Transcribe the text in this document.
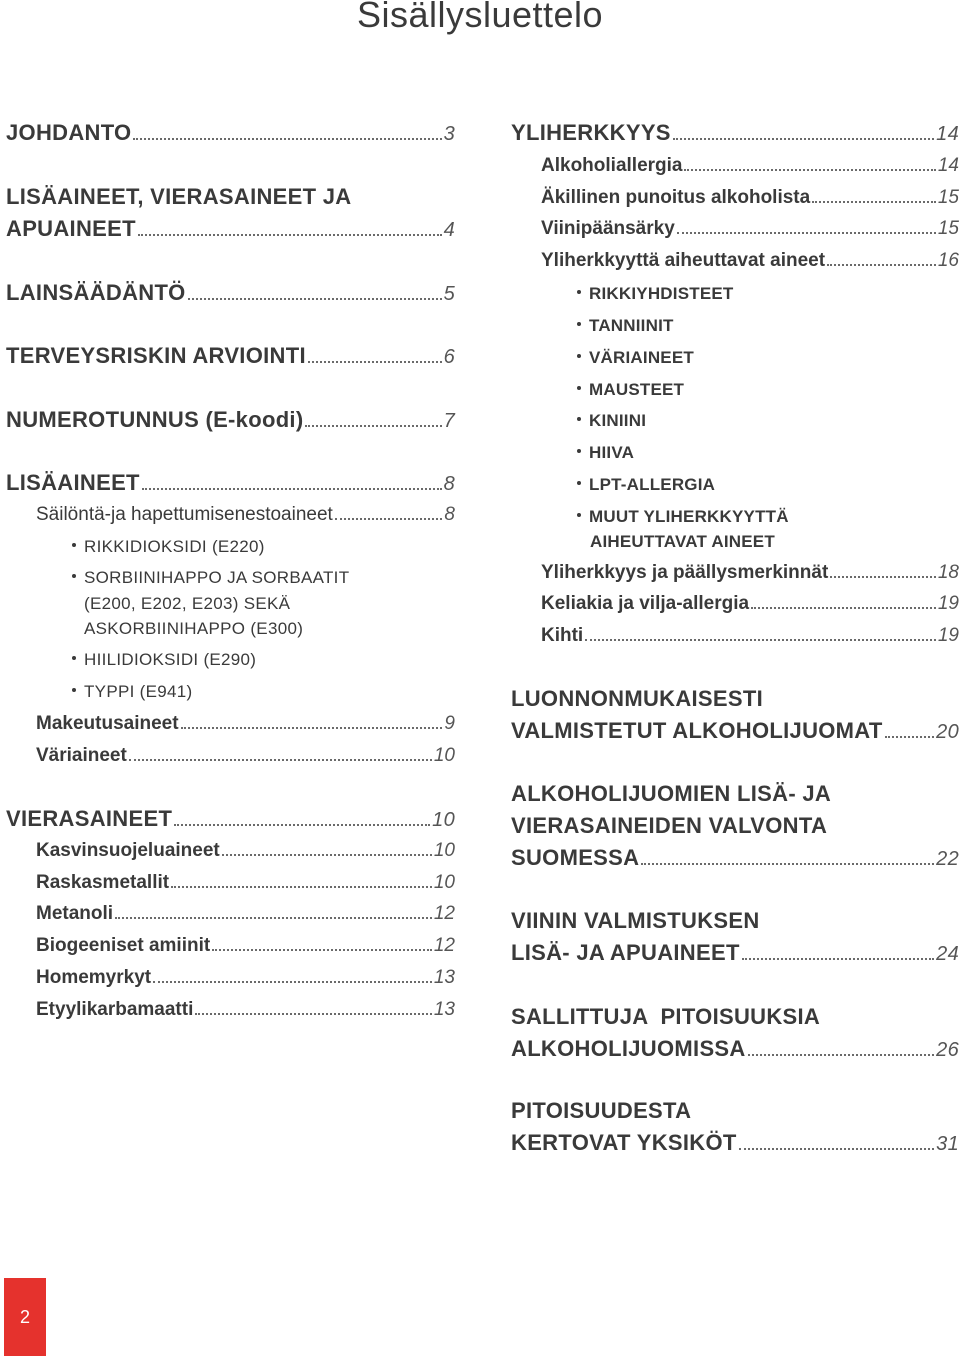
Sisällysluettelo
JOHDANTO	3
LISÄAINEET, VIERASAINEET JA
APUAINEET	4
LAINSÄÄDÄNTÖ	5
TERVEYSRISKIN ARVIOINTI	6
NUMEROTUNNUS (E-koodi)	7
LISÄAINEET	8
Säilöntä-ja hapettumisenestoaineet	8
RIKKIDIOKSIDI (E220)
SORBIINIHAPPO JA SORBAATIT
(E200, E202, E203) SEKÄ
ASKORBIINIHAPPO (E300)
HIILIDIOKSIDI (E290)
TYPPI (E941)
Makeutusaineet	9
Väriaineet	10
VIERASAINEET	10
Kasvinsuojeluaineet	10
Raskasmetallit	10
Metanoli	12
Biogeeniset amiinit	12
Homemyrkyt	13
Etyylikarbamaatti	13
YLIHERKKYYS	14
Alkoholiallergia	14
Äkillinen punoitus alkoholista	15
Viinipäänsärky	15
Yliherkkyyttä aiheuttavat aineet	16
RIKKIYHDISTEET
TANNIINIT
VÄRIAINEET
MAUSTEET
KINIINI
HIIVA
LPT-ALLERGIA
MUUT YLIHERKKYYTTÄ
AIHEUTTAVAT AINEET
Yliherkkyys ja päällysmerkinnät	18
Keliakia ja vilja-allergia	19
Kihti	19
LUONNONMUKAISESTI
VALMISTETUT ALKOHOLIJUOMAT	20
ALKOHOLIJUOMIEN LISÄ- JA
VIERASAINEIDEN VALVONTA
SUOMESSA	22
VIININ VALMISTUKSEN
LISÄ- JA APUAINEET	24
SALLITTUJA  PITOISUUKSIA
ALKOHOLIJUOMISSA	26
PITOISUUDESTA
KERTOVAT YKSIKÖT	31
2
